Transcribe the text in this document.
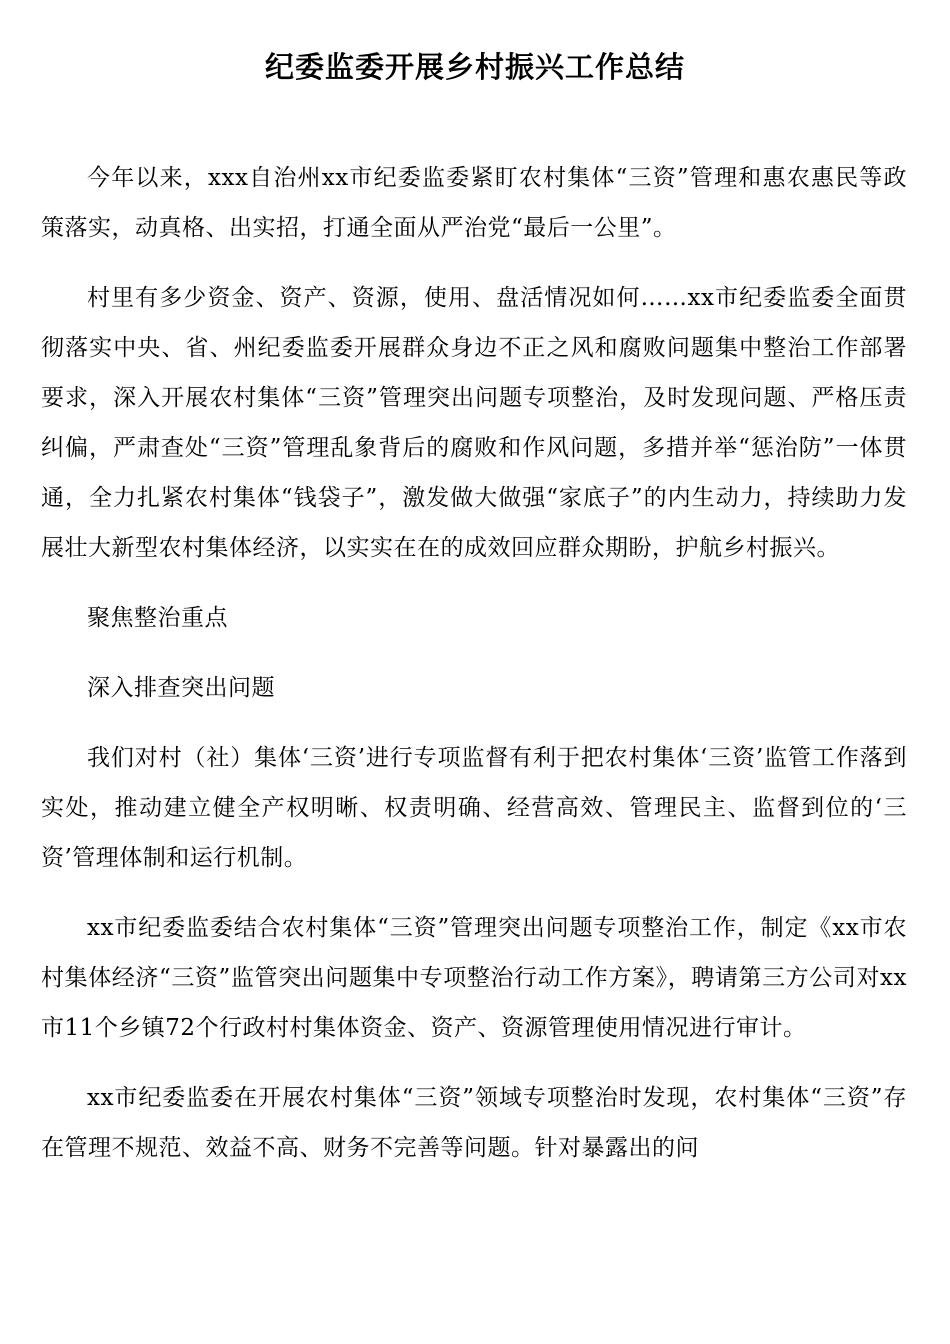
纪委监委开展乡村振兴工作总结

今年以来，xxx自治州xx市纪委监委紧盯农村集体“三资”管理和惠农惠民等政策落实，动真格、出实招，打通全面从严治党“最后一公里”。

村里有多少资金、资产、资源，使用、盘活情况如何……xx市纪委监委全面贯彻落实中央、省、州纪委监委开展群众身边不正之风和腐败问题集中整治工作部署要求，深入开展农村集体“三资”管理突出问题专项整治，及时发现问题、严格压责纠偏，严肃查处“三资”管理乱象背后的腐败和作风问题，多措并举“惩治防”一体贯通，全力扎紧农村集体“钱袋子”，激发做大做强“家底子”的内生动力，持续助力发展壮大新型农村集体经济，以实实在在的成效回应群众期盼，护航乡村振兴。

聚焦整治重点

深入排查突出问题

我们对村（社）集体‘三资’进行专项监督有利于把农村集体‘三资’监管工作落到实处，推动建立健全产权明晰、权责明确、经营高效、管理民主、监督到位的‘三资’管理体制和运行机制。

xx市纪委监委结合农村集体“三资”管理突出问题专项整治工作，制定《xx市农村集体经济“三资”监管突出问题集中专项整治行动工作方案》，聘请第三方公司对xx市11个乡镇72个行政村村集体资金、资产、资源管理使用情况进行审计。

xx市纪委监委在开展农村集体“三资”领域专项整治时发现，农村集体“三资”存在管理不规范、效益不高、财务不完善等问题。针对暴露出的问
